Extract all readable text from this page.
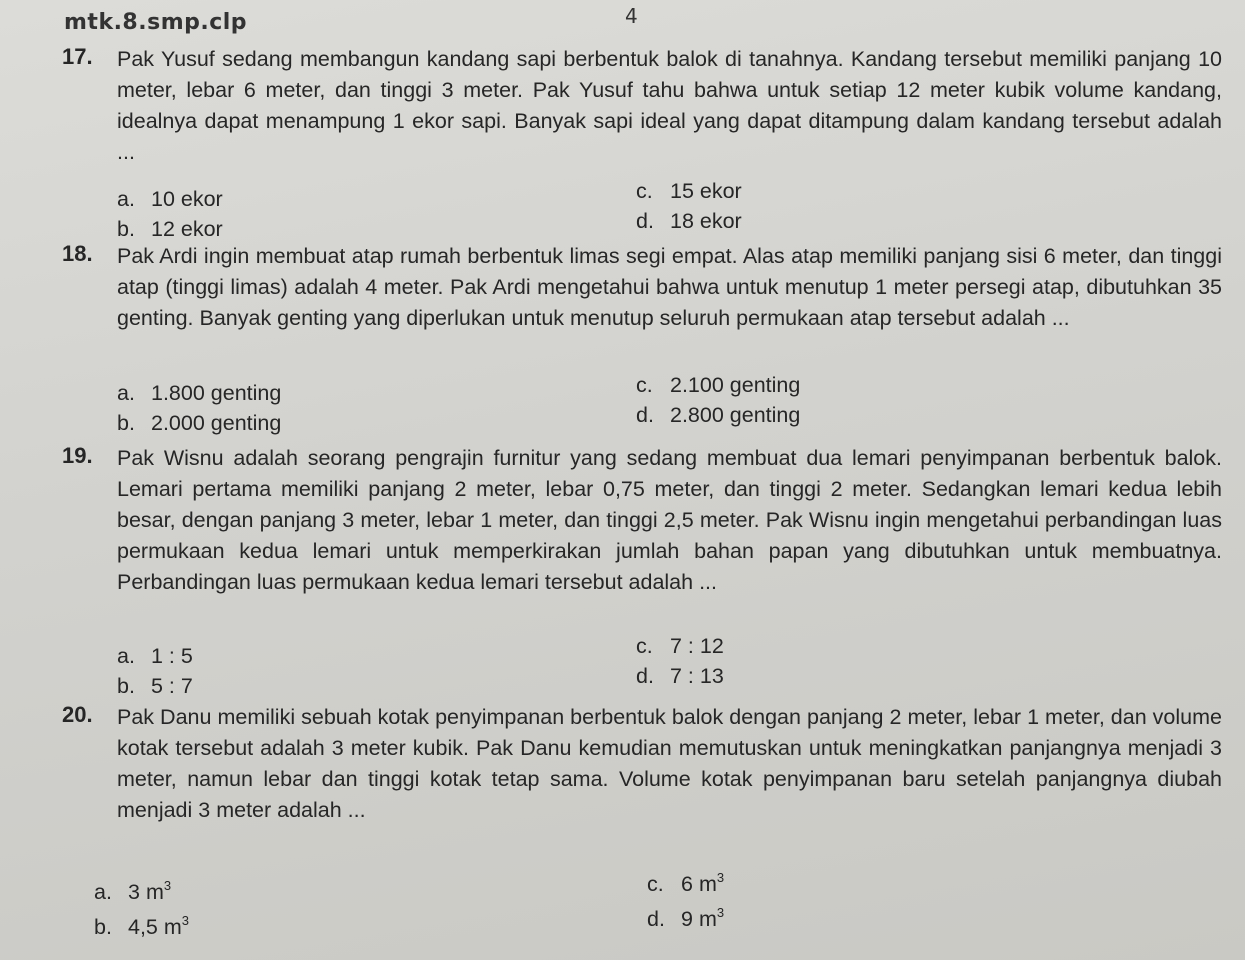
mtk.8.smp.clp	4
17. Pak Yusuf sedang membangun kandang sapi berbentuk balok di tanahnya. Kandang tersebut memiliki panjang 10 meter, lebar 6 meter, dan tinggi 3 meter. Pak Yusuf tahu bahwa untuk setiap 12 meter kubik volume kandang, idealnya dapat menampung 1 ekor sapi. Banyak sapi ideal yang dapat ditampung dalam kandang tersebut adalah ...
a. 10 ekor
b. 12 ekor
c. 15 ekor
d. 18 ekor
18. Pak Ardi ingin membuat atap rumah berbentuk limas segi empat. Alas atap memiliki panjang sisi 6 meter, dan tinggi atap (tinggi limas) adalah 4 meter. Pak Ardi mengetahui bahwa untuk menutup 1 meter persegi atap, dibutuhkan 35 genting. Banyak genting yang diperlukan untuk menutup seluruh permukaan atap tersebut adalah ...
a. 1.800 genting
b. 2.000 genting
c. 2.100 genting
d. 2.800 genting
19. Pak Wisnu adalah seorang pengrajin furnitur yang sedang membuat dua lemari penyimpanan berbentuk balok. Lemari pertama memiliki panjang 2 meter, lebar 0,75 meter, dan tinggi 2 meter. Sedangkan lemari kedua lebih besar, dengan panjang 3 meter, lebar 1 meter, dan tinggi 2,5 meter. Pak Wisnu ingin mengetahui perbandingan luas permukaan kedua lemari untuk memperkirakan jumlah bahan papan yang dibutuhkan untuk membuatnya. Perbandingan luas permukaan kedua lemari tersebut adalah ...
a. 1 : 5
b. 5 : 7
c. 7 : 12
d. 7 : 13
20. Pak Danu memiliki sebuah kotak penyimpanan berbentuk balok dengan panjang 2 meter, lebar 1 meter, dan volume kotak tersebut adalah 3 meter kubik. Pak Danu kemudian memutuskan untuk meningkatkan panjangnya menjadi 3 meter, namun lebar dan tinggi kotak tetap sama. Volume kotak penyimpanan baru setelah panjangnya diubah menjadi 3 meter adalah ...
a. 3 $m^3$
b. 4,5 $m^3$
c. 6 $m^3$
d. 9 $m^3$
